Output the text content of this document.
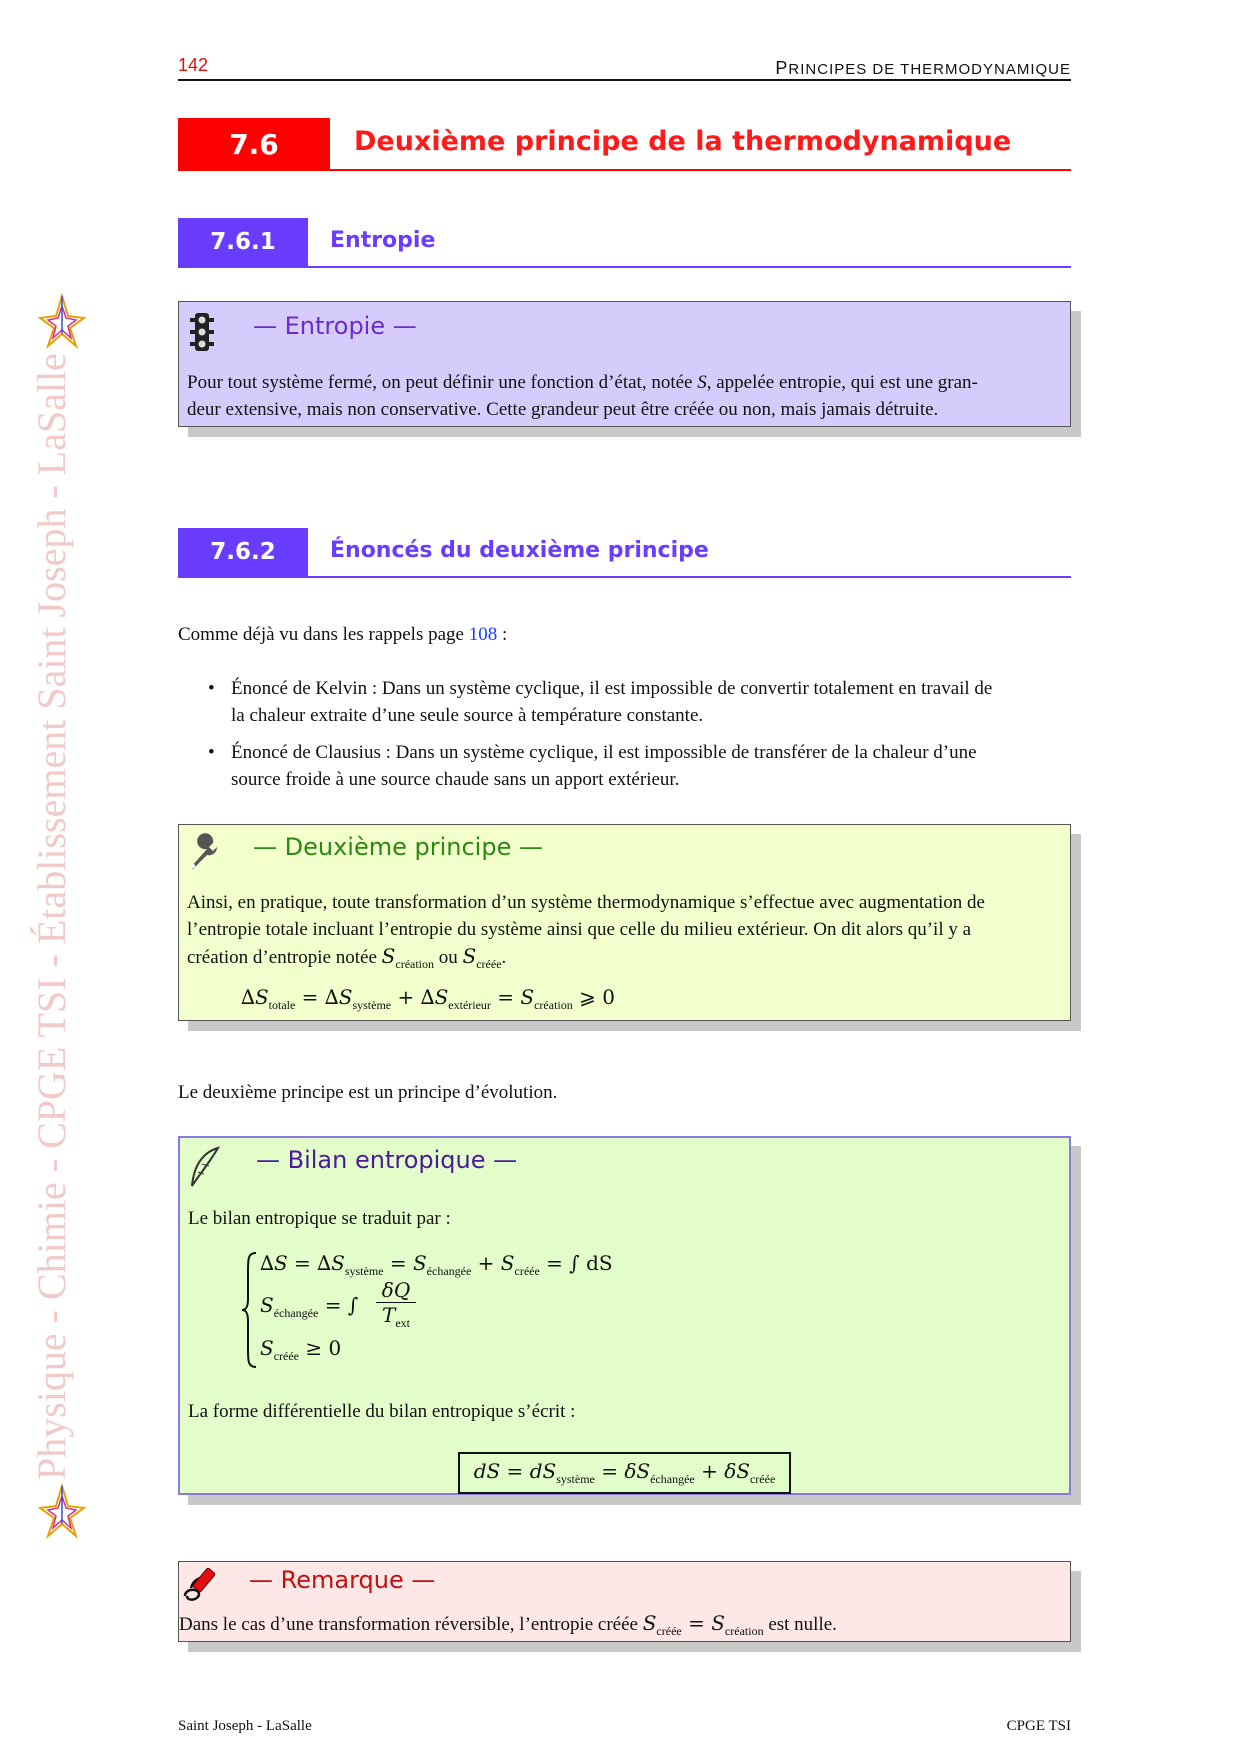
142	PRINCIPES DE THERMODYNAMIQUE
Physique - Chimie - CPGE TSI - Établissement Saint Joseph - LaSalle
7.6	Deuxième principe de la thermodynamique
7.6.1	Entropie
— Entropie —
Pour tout système fermé, on peut définir une fonction d’état, notée S, appelée entropie, qui est une gran-
deur extensive, mais non conservative. Cette grandeur peut être créée ou non, mais jamais détruite.
7.6.2	Énoncés du deuxième principe
Comme déjà vu dans les rappels page 108 :
• Énoncé de Kelvin : Dans un système cyclique, il est impossible de convertir totalement en travail de
la chaleur extraite d’une seule source à température constante.
• Énoncé de Clausius : Dans un système cyclique, il est impossible de transférer de la chaleur d’une
source froide à une source chaude sans un apport extérieur.
— Deuxième principe —
Ainsi, en pratique, toute transformation d’un système thermodynamique s’effectue avec augmentation de
l’entropie totale incluant l’entropie du système ainsi que celle du milieu extérieur. On dit alors qu’il y a
création d’entropie notée $S_{création}$ ou $S_{créée}$.
$\Delta S_{totale} = \Delta S_{système} + \Delta S_{extérieur} = S_{création}$ ⩾ 0
Le deuxième principe est un principe d’évolution.
— Bilan entropique —
Le bilan entropique se traduit par :
$\Delta S = \Delta S_{système} = S_{échangée} + S_{créée}$ = ∫ dS
$S_{échangée}$ = ∫
δQ
$T_{ext}$
$S_{créée} \ge 0$
La forme différentielle du bilan entropique s’écrit :
dS = $dS_{système} = \delta S_{échangée} + \delta S_{créée}$
— Remarque —
Dans le cas d’une transformation réversible, l’entropie créée $S_{créée} = S_{création}$ est nulle.
Saint Joseph - LaSalle	CPGE TSI
